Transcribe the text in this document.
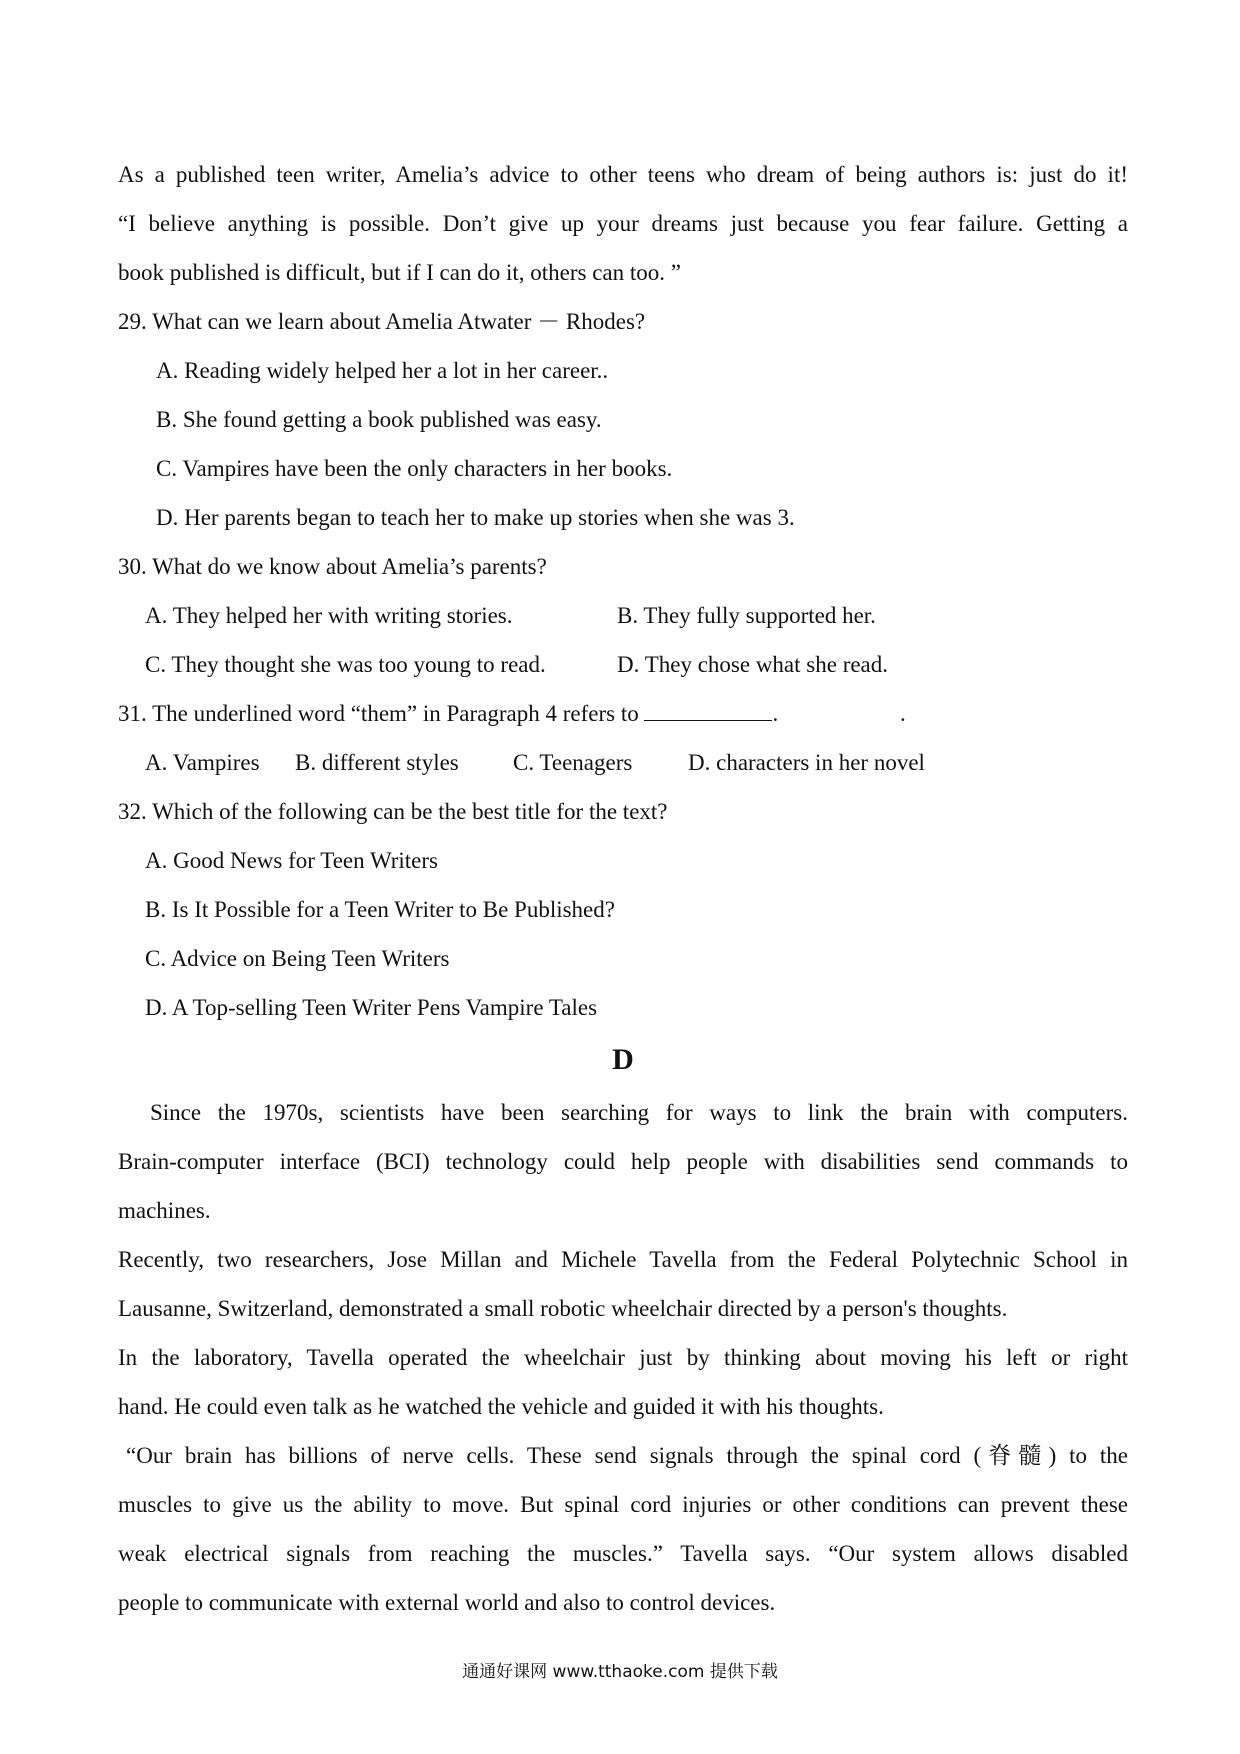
As a published teen writer, Amelia’s advice to other teens who dream of being authors is: just do it!
“I believe anything is possible. Don’t give up your dreams just because you fear failure. Getting a
book published is difficult, but if I can do it, others can too. ”
29. What can we learn about Amelia Atwater － Rhodes?
A. Reading widely helped her a lot in her career..
B. She found getting a book published was easy.
C. Vampires have been the only characters in her books.
D. Her parents began to teach her to make up stories when she was 3.
30. What do we know about Amelia’s parents?
A. They helped her with writing stories.	B. They fully supported her.
C. They thought she was too young to read.	D. They chose what she read.
31. The underlined word “them” in Paragraph 4 refers to	.	.
A. Vampires	B. different styles	C. Teenagers	D. characters in her novel
32. Which of the following can be the best title for the text?
A. Good News for Teen Writers
B. Is It Possible for a Teen Writer to Be Published?
C. Advice on Being Teen Writers
D. A Top-selling Teen Writer Pens Vampire Tales
D
Since the 1970s, scientists have been searching for ways to link the brain with computers.
Brain-computer interface (BCI) technology could help people with disabilities send commands to
machines.
Recently, two researchers, Jose Millan and Michele Tavella from the Federal Polytechnic School in
Lausanne, Switzerland, demonstrated a small robotic wheelchair directed by a person's thoughts.
In the laboratory, Tavella operated the wheelchair just by thinking about moving his left or right
hand. He could even talk as he watched the vehicle and guided it with his thoughts.
“Our brain has billions of nerve cells. These send signals through the spinal cord (脊髓) to the
muscles to give us the ability to move. But spinal cord injuries or other conditions can prevent these
weak electrical signals from reaching the muscles.” Tavella says. “Our system allows disabled
people to communicate with external world and also to control devices.
通通好课网 www.tthaoke.com 提供下载
